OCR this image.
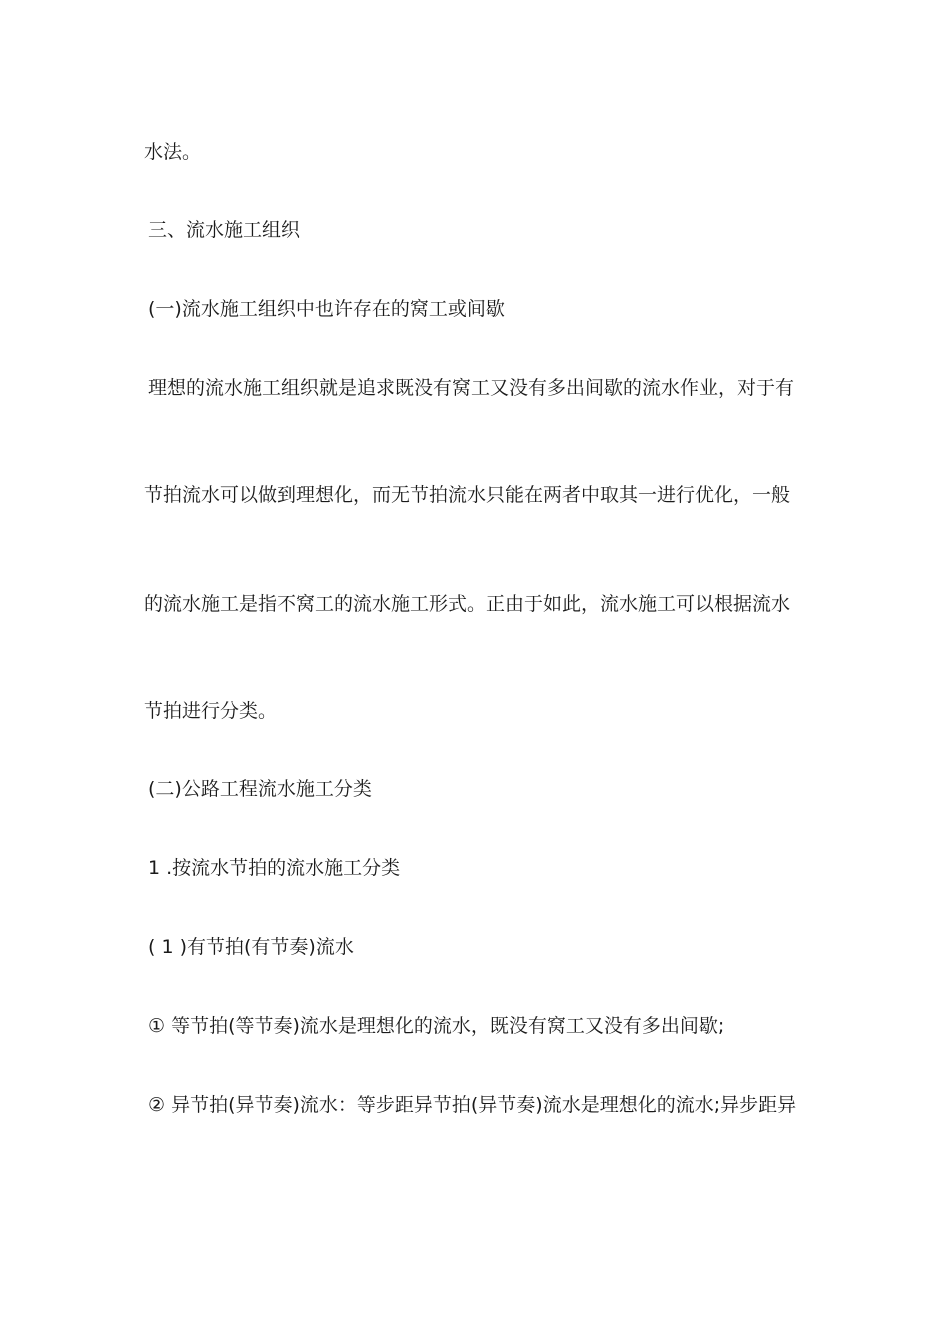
水法。
三、流水施工组织
(一)流水施工组织中也许存在的窝工或间歇
理想的流水施工组织就是追求既没有窝工又没有多出间歇的流水作业，对于有
节拍流水可以做到理想化，而无节拍流水只能在两者中取其一进行优化，一般
的流水施工是指不窝工的流水施工形式。正由于如此，流水施工可以根据流水
节拍进行分类。
(二)公路工程流水施工分类
1 .按流水节拍的流水施工分类
( 1 )有节拍(有节奏)流水
① 等节拍(等节奏)流水是理想化的流水，既没有窝工又没有多出间歇;
② 异节拍(异节奏)流水：等步距异节拍(异节奏)流水是理想化的流水;异步距异
